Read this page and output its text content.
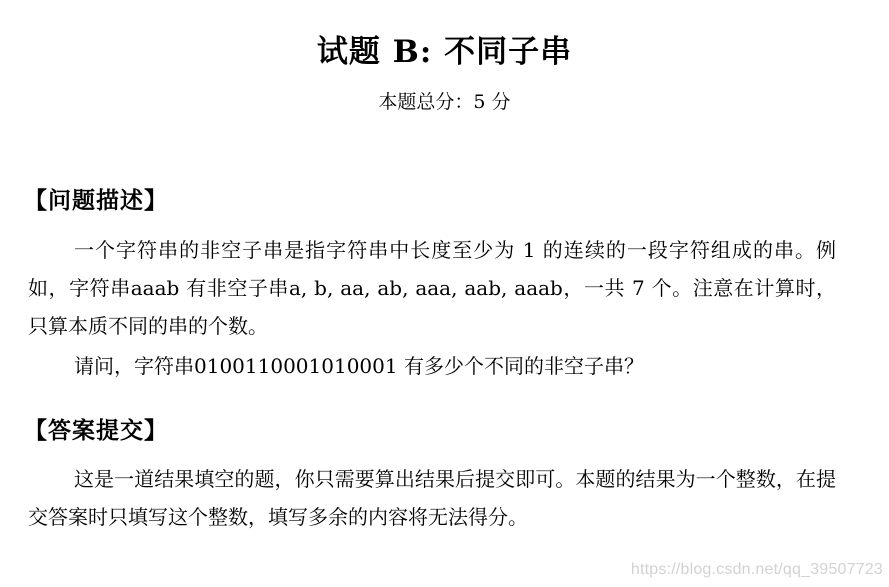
试题 B: 不同子串
本题总分：5 分
【问题描述】
一个字符串的非空子串是指字符串中长度至少为 1 的连续的一段字符组成的串。例如，字符串aaab 有非空子串a, b, aa, ab, aaa, aab, aaab，一共 7 个。注意在计算时，只算本质不同的串的个数。
请问，字符串0100110001010001 有多少个不同的非空子串？
【答案提交】
这是一道结果填空的题，你只需要算出结果后提交即可。本题的结果为一个整数，在提交答案时只填写这个整数，填写多余的内容将无法得分。
https://blog.csdn.net/qq_39507723
